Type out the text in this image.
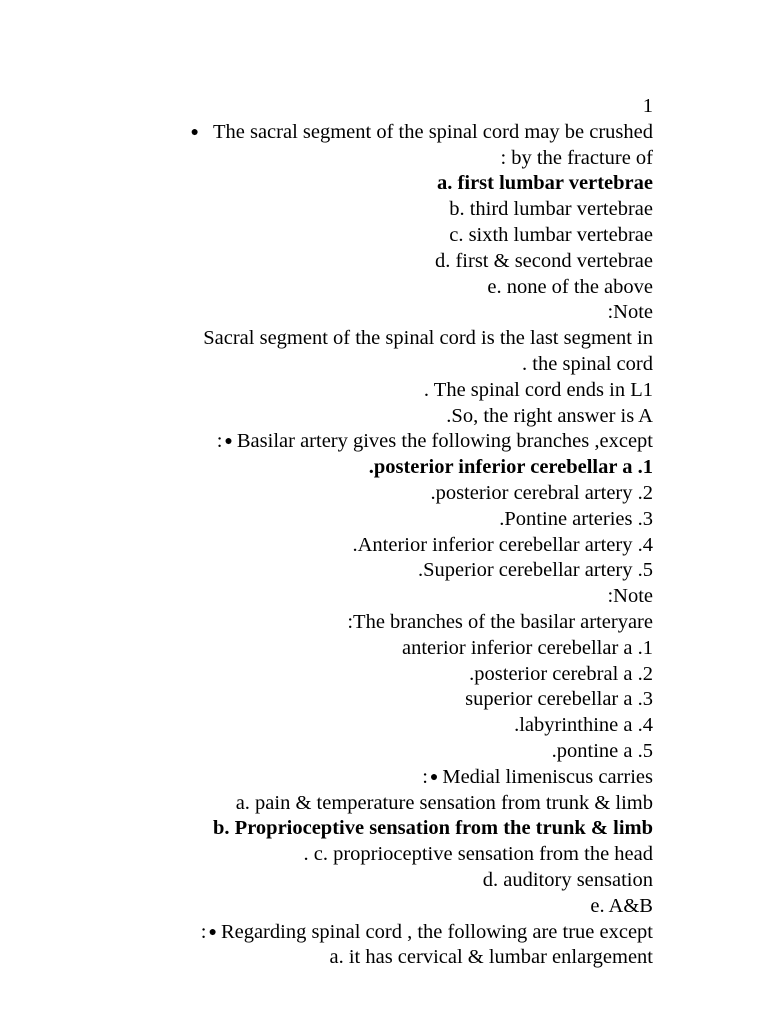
1
● The sacral segment of the spinal cord may be crushed
: by the fracture of
a. first lumbar vertebrae
b. third lumbar vertebrae
c. sixth lumbar vertebrae
d. first & second vertebrae
e. none of the above
:Note
Sacral segment of the spinal cord is the last segment in
. the spinal cord
. The spinal cord ends in L1
.So, the right answer is A
: ● Basilar artery gives the following branches ,except
.posterior inferior cerebellar a .1
.posterior cerebral artery .2
.Pontine arteries .3
.Anterior inferior cerebellar artery .4
.Superior cerebellar artery .5
:Note
:The branches of the basilar arteryare
anterior inferior cerebellar a .1
.posterior cerebral a .2
superior cerebellar a .3
.labyrinthine a .4
.pontine a .5
: ● Medial limeniscus carries
a. pain & temperature sensation from trunk & limb
b. Proprioceptive sensation from the trunk & limb
. c. proprioceptive sensation from the head
d. auditory sensation
e. A&B
: ● Regarding spinal cord , the following are true except
a. it has cervical & lumbar enlargement
